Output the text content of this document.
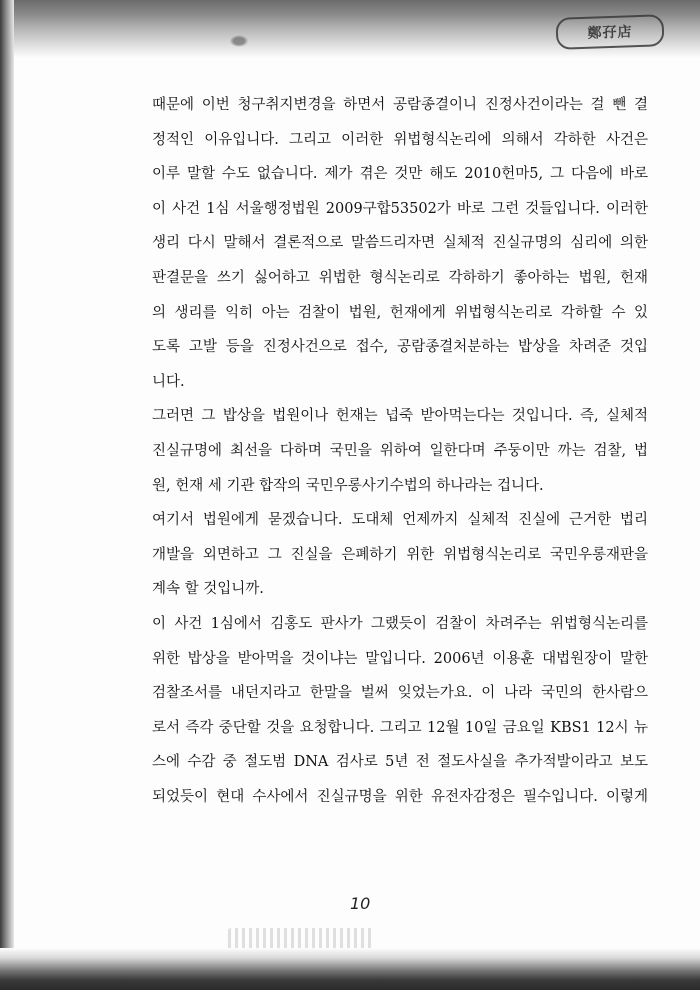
鄭孖店
때문에 이번 청구취지변경을 하면서 공람종결이니 진정사건이라는 걸 뺀 결
정적인 이유입니다. 그리고 이러한 위법형식논리에 의해서 각하한 사건은
이루 말할 수도 없습니다. 제가 겪은 것만 해도 2010헌마5, 그 다음에 바로
이 사건 1심 서울행정법원 2009구합53502가 바로 그런 것들입니다. 이러한
생리 다시 말해서 결론적으로 말씀드리자면 실체적 진실규명의 심리에 의한
판결문을 쓰기 싫어하고 위법한 형식논리로 각하하기 좋아하는 법원, 헌재
의 생리를 익히 아는 검찰이 법원, 헌재에게 위법형식논리로 각하할 수 있
도록 고발 등을 진정사건으로 접수, 공람종결처분하는 밥상을 차려준 것입
니다.
그러면 그 밥상을 법원이나 헌재는 넙죽 받아먹는다는 것입니다. 즉, 실체적
진실규명에 최선을 다하며 국민을 위하여 일한다며 주둥이만 까는 검찰, 법
원, 헌재 세 기관 합작의 국민우롱사기수법의 하나라는 겁니다.
여기서 법원에게 묻겠습니다. 도대체 언제까지 실체적 진실에 근거한 법리
개발을 외면하고 그 진실을 은폐하기 위한 위법형식논리로 국민우롱재판을
계속 할 것입니까.
이 사건 1심에서 김홍도 판사가 그랬듯이 검찰이 차려주는 위법형식논리를
위한 밥상을 받아먹을 것이냐는 말입니다. 2006년 이용훈 대법원장이 말한
검찰조서를 내던지라고 한말을 벌써 잊었는가요. 이 나라 국민의 한사람으
로서 즉각 중단할 것을 요청합니다. 그리고 12월 10일 금요일 KBS1 12시 뉴
스에 수감 중 절도범 DNA 검사로 5년 전 절도사실을 추가적발이라고 보도
되었듯이 현대 수사에서 진실규명을 위한 유전자감정은 필수입니다. 이렇게
10
